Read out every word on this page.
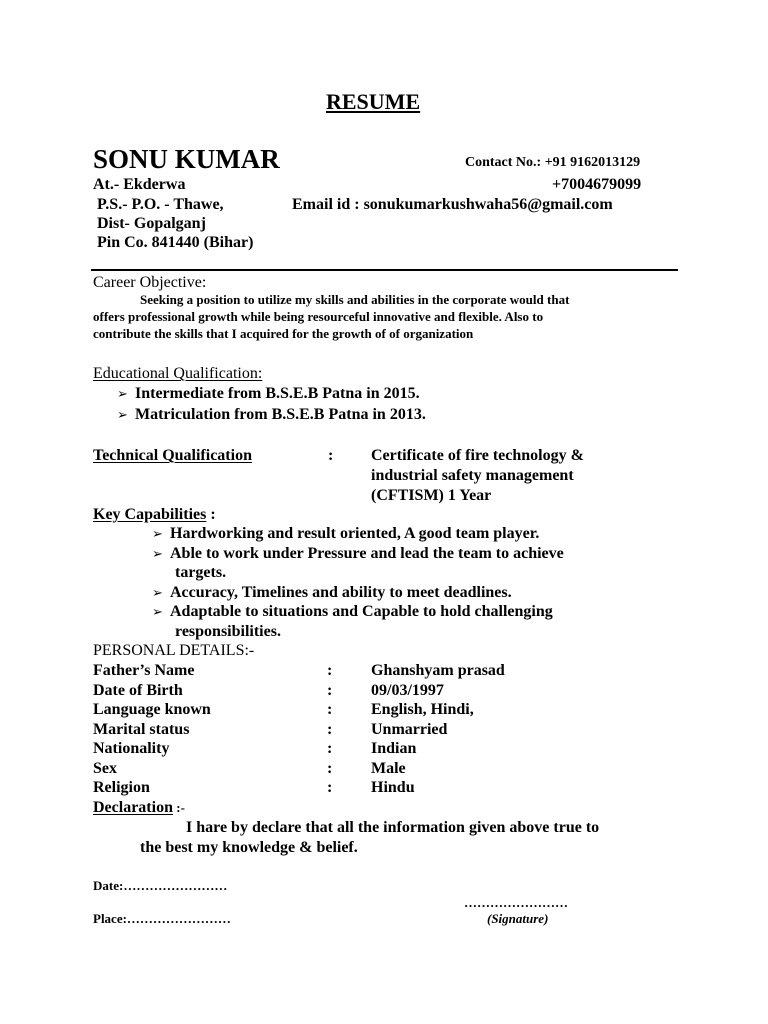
RESUME
SONU KUMAR
At.- Ekderwa
P.S.- P.O. - Thawe,
Dist- Gopalganj
Pin Co. 841440 (Bihar)
Contact No.: +91 9162013129
+7004679099
Email id : sonukumarkushwaha56@gmail.com
Career Objective:
Seeking a position to utilize my skills and abilities in the corporate would that
offers professional growth while being resourceful innovative and flexible. Also to
contribute the skills that I acquired for the growth of of organization
Educational Qualification:
➢ Intermediate from B.S.E.B Patna in 2015.
➢ Matriculation from B.S.E.B Patna in 2013.
Technical Qualification	: Certificate of fire technology &
industrial safety management
(CFTISM) 1 Year
Key Capabilities :
➢ Hardworking and result oriented, A good team player.
➢ Able to work under Pressure and lead the team to achieve
targets.
➢ Accuracy, Timelines and ability to meet deadlines.
➢ Adaptable to situations and Capable to hold challenging
responsibilities.
PERSONAL DETAILS:-
Father’s Name	: Ghanshyam prasad
Date of Birth	: 09/03/1997
Language known	: English, Hindi,
Marital status	: Unmarried
Nationality	: Indian
Sex	: Male
Religion	: Hindu
Declaration :-
I hare by declare that all the information given above true to
the best my knowledge & belief.
Date:……………………
……………………
Place:……………………	(Signature)
